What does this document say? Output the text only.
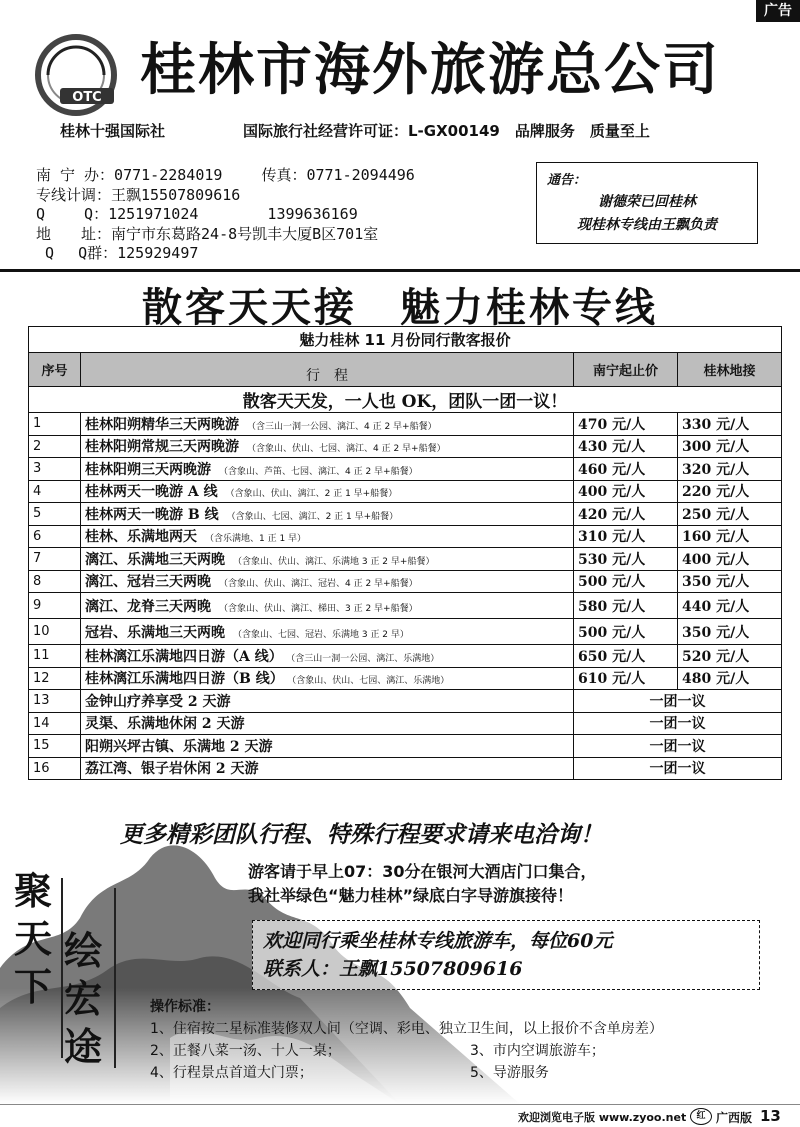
广告
OTC 桂林市海外旅游总公司
桂林十强国际社	国际旅行社经营许可证：L-GX00149　品牌服务　质量至上
南 宁 办：0771-2284019　　 传真：0771-2094496
专线计调：王飘15507809616
Q　　 Q：1251971024　　　　 1399636169
地　　址：南宁市东葛路24-8号凯丰大厦B区701室
Q　 Q群：125929497
通告：
谢德荣已回桂林
现桂林专线由王飘负责
散客天天接　魅力桂林专线
魅力桂林 11 月份同行散客报价			
序号	行　程	南宁起止价	桂林地接
散客天天发，一人也 OK，团队一团一议！			
1	桂林阳朔精华三天两晚游 （含三山一洞一公园、漓江、4 正 2 早+船餐）	470 元/人	330 元/人
2	桂林阳朔常规三天两晚游 （含象山、伏山、七园、漓江、4 正 2 早+船餐）	430 元/人	300 元/人
3	桂林阳朔三天两晚游 （含象山、芦笛、七园、漓江、4 正 2 早+船餐）	460 元/人	320 元/人
4	桂林两天一晚游 A 线 （含象山、伏山、漓江、2 正 1 早+船餐）	400 元/人	220 元/人
5	桂林两天一晚游 B 线 （含象山、七园、漓江、2 正 1 早+船餐）	420 元/人	250 元/人
6	桂林、乐满地两天 （含乐满地、1 正 1 早）	310 元/人	160 元/人
7	漓江、乐满地三天两晚 （含象山、伏山、漓江、乐满地 3 正 2 早+船餐）	530 元/人	400 元/人
8	漓江、冠岩三天两晚 （含象山、伏山、漓江、冠岩、4 正 2 早+船餐）	500 元/人	350 元/人
9	漓江、龙脊三天两晚 （含象山、伏山、漓江、梯田、3 正 2 早+船餐）	580 元/人	440 元/人
10	冠岩、乐满地三天两晚 （含象山、七园、冠岩、乐满地 3 正 2 早）	500 元/人	350 元/人
11	桂林漓江乐满地四日游（A 线） （含三山一洞一公园、漓江、乐满地）	650 元/人	520 元/人
12	桂林漓江乐满地四日游（B 线） （含象山、伏山、七园、漓江、乐满地）	610 元/人	480 元/人
13	金钟山疗养享受 2 天游	一团一议	
14	灵渠、乐满地休闲 2 天游	一团一议	
15	阳朔兴坪古镇、乐满地 2 天游	一团一议	
16	荔江湾、银子岩休闲 2 天游	一团一议	
更多精彩团队行程、特殊行程要求请来电洽询！
聚
天
下
绘
宏
途
游客请于早上07：30分在银河大酒店门口集合，
我社举绿色“魅力桂林”绿底白字导游旗接待！
欢迎同行乘坐桂林专线旅游车，每位60元
联系人：王飘15507809616
操作标准：
1、住宿按二星标准装修双人间（空调、彩电、独立卫生间，以上报价不含单房差）
2、正餐八菜一汤、十人一桌；	3、市内空调旅游车；
4、行程景点首道大门票；	5、导游服务
欢迎浏览电子版 www.zyoo.net	红 广西版 13
